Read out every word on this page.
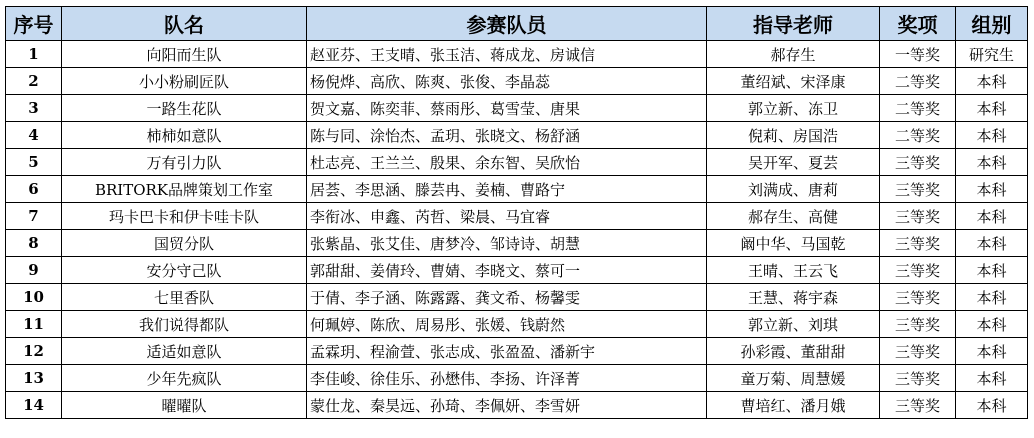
序号	队名	参赛队员	指导老师	奖项	组别
1	向阳而生队	赵亚芬、王支晴、张玉洁、蒋成龙、房诚信	郝存生	一等奖	研究生
2	小小粉刷匠队	杨倪烨、高欣、陈爽、张俊、李晶蕊	董绍斌、宋泽康	二等奖	本科
3	一路生花队	贺文嘉、陈奕菲、蔡雨彤、葛雪莹、唐果	郭立新、冻卫	二等奖	本科
4	柿柿如意队	陈与同、涂怡杰、孟玥、张晓文、杨舒涵	倪莉、房国浩	二等奖	本科
5	万有引力队	杜志亮、王兰兰、殷果、余东智、吴欣怡	吴开军、夏芸	三等奖	本科
6	BRITORK品牌策划工作室	居荟、李思涵、滕芸冉、姜楠、曹路宁	刘满成、唐莉	三等奖	本科
7	玛卡巴卡和伊卡哇卡队	李衔冰、申鑫、芮哲、梁晨、马宜睿	郝存生、高健	三等奖	本科
8	国贸分队	张紫晶、张艾佳、唐梦冷、邹诗诗、胡慧	阚中华、马国乾	三等奖	本科
9	安分守己队	郭甜甜、姜倩玲、曹婧、李晓文、蔡可一	王晴、王云飞	三等奖	本科
10	七里香队	于倩、李子涵、陈露露、龚文希、杨馨雯	王慧、蒋宇森	三等奖	本科
11	我们说得都队	何珮婷、陈欣、周易彤、张媛、钱蔚然	郭立新、刘琪	三等奖	本科
12	适适如意队	孟霖玥、程渝萱、张志成、张盈盈、潘新宇	孙彩霞、董甜甜	三等奖	本科
13	少年先疯队	李佳峻、徐佳乐、孙懋伟、李扬、许泽菁	童万菊、周慧媛	三等奖	本科
14	曜曜队	蒙仕龙、秦昊远、孙琦、李佩妍、李雪妍	曹培红、潘月娥	三等奖	本科
